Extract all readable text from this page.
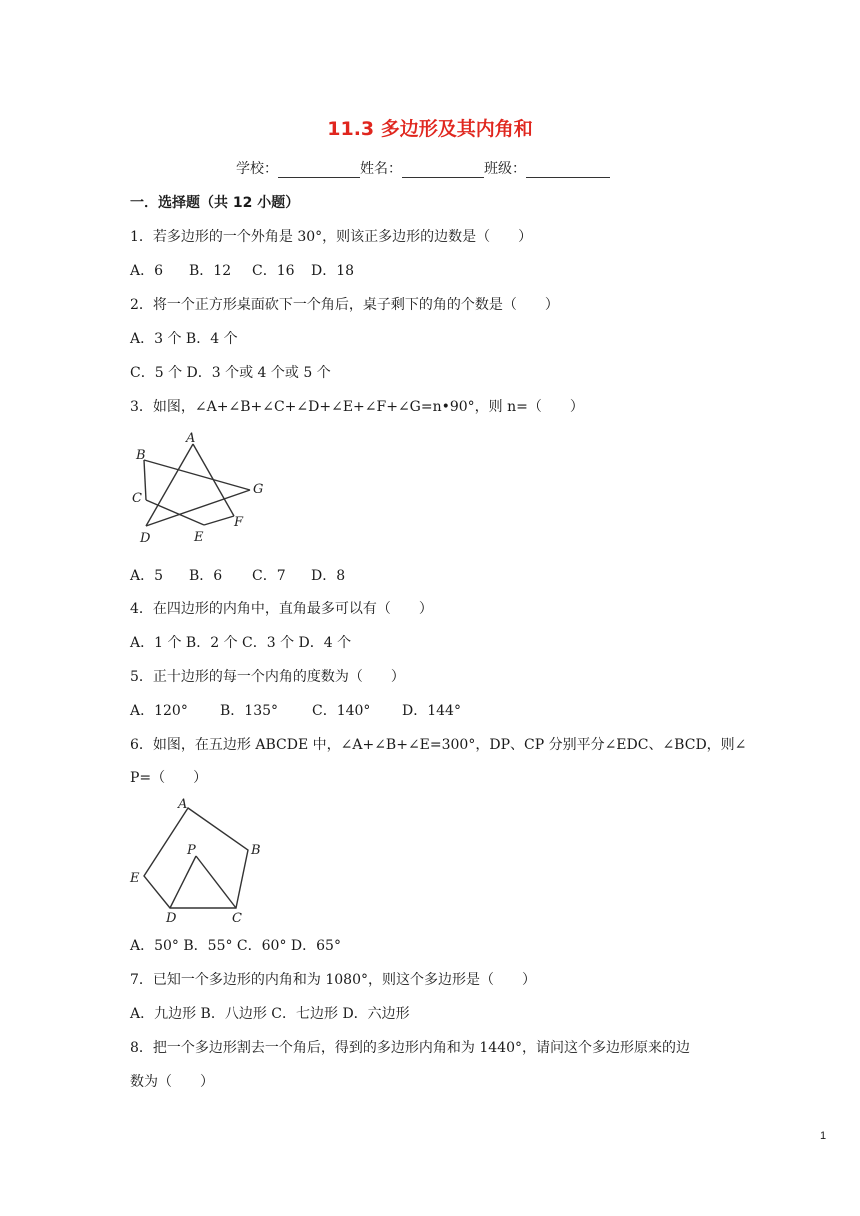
11.3 多边形及其内角和
学校：	姓名：	班级：
一．选择题（共 12 小题）
1．若多边形的一个外角是 30°，则该正多边形的边数是（　　）
A．6 B．12 C．16 D．18
2．将一个正方形桌面砍下一个角后，桌子剩下的角的个数是（　　）
A．3 个 B．4 个
C．5 个 D．3 个或 4 个或 5 个
3．如图，∠A+∠B+∠C+∠D+∠E+∠F+∠G=n•90°，则 n=（　　）
A
B
C
D	E
F
G
A．5 B．6 C．7 D．8
4．在四边形的内角中，直角最多可以有（　　）
A．1 个 B．2 个 C．3 个 D．4 个
5．正十边形的每一个内角的度数为（　　）
A．120° B．135° C．140° D．144°
6．如图，在五边形 ABCDE 中，∠A+∠B+∠E=300°，DP、CP 分别平分∠EDC、∠BCD，则∠
P=（　　）
A
B
C
D
E
P
A．50° B．55° C．60° D．65°
7．已知一个多边形的内角和为 1080°，则这个多边形是（　　）
A．九边形 B．八边形 C．七边形 D．六边形
8．把一个多边形割去一个角后，得到的多边形内角和为 1440°，请问这个多边形原来的边
数为（　　）
1
